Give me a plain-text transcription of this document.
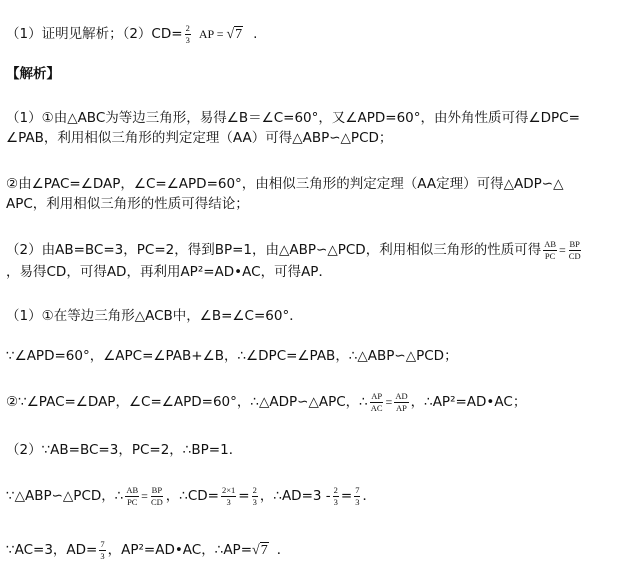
（1）证明见解析；$(2)CD= \frac{2}{3}$ AP = √7 .
【解析】
（1）①由△ABC为等边三角形，易得∠B＝∠C=60°，又∠APD=60°，由外角性质可得∠DPC=
∠PAB，利用相似三角形的判定定理（AA）可得△ABP∽△PCD；
②由∠PAC=∠DAP，∠C=∠APD=60°，由相似三角形的判定定理（AA定理）可得△ADP∽△
APC，利用相似三角形的性质可得结论；
（2）由AB=BC=3，PC=2，得到BP=1，由△ABP∽△PCD，利用相似三角形的性质可得 $\frac{AB}{PC} = \frac{BP}{CD}$
，易得CD，可得AD，再利用AP²=AD•AC，可得AP．
（1）①在等边三角形△ACB中，∠B=∠C=60°．
∵∠APD=60°，∠APC=∠PAB+∠B，∴∠DPC=∠PAB，∴△ABP∽△PCD；
②∵∠PAC=∠DAP，∠C=∠APD=60°，∴△ADP∽△APC，∴ $\frac{AP}{AC} = \frac{AD}{AP}$ ，∴AP²=AD•AC；
（2）∵AB=BC=3，PC=2，∴BP=1．
∵△ABP∽△PCD，∴ $\frac{AB}{PC} = \frac{BP}{CD}$ ，∴CD= $\frac{2\times 1}{3} = \frac{2}{3}$ ，∴AD=3 - $\frac{2}{3} = \frac{7}{3}$ ．
∵AC=3，$AD= \frac{7}{3}$ ，AP²=AD•AC，∴AP=√7 ．
